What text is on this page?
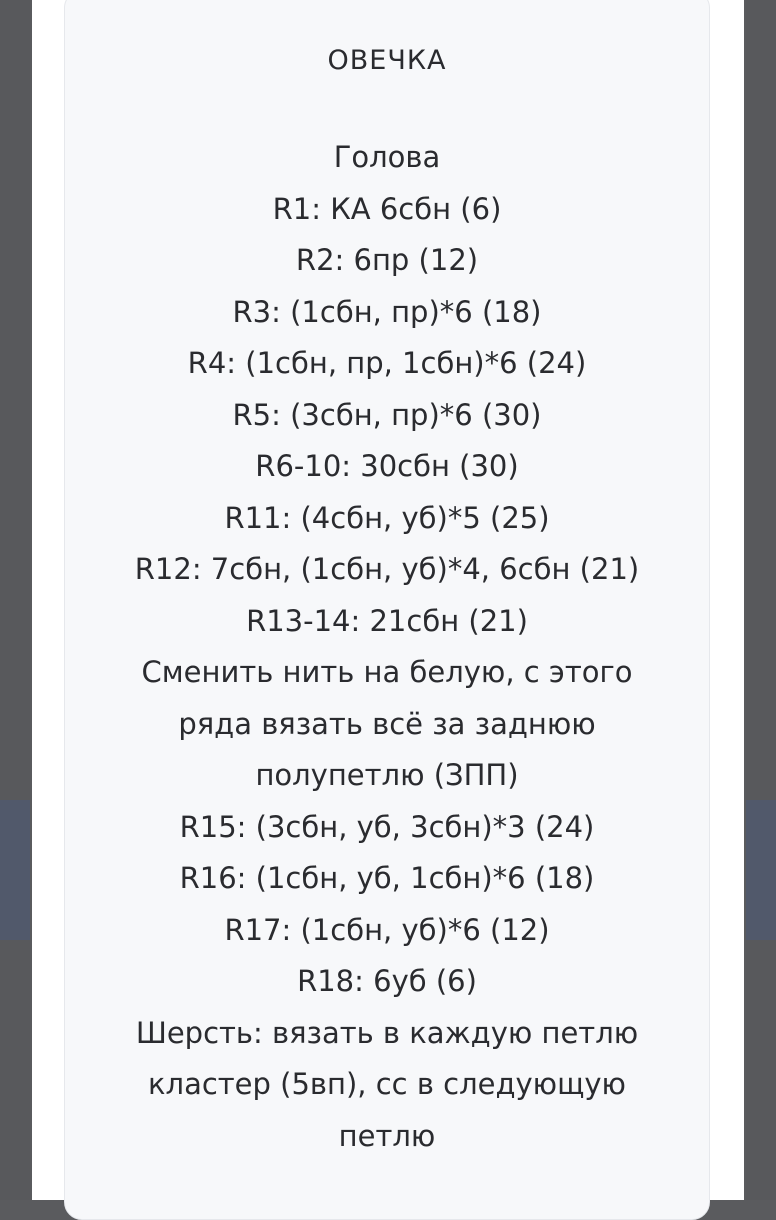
ОВЕЧКА
Голова
R1: КА 6сбн (6)
R2: 6пр (12)
R3: (1сбн, пр)*6 (18)
R4: (1сбн, пр, 1сбн)*6 (24)
R5: (3сбн, пр)*6 (30)
R6-10: 30сбн (30)
R11: (4сбн, уб)*5 (25)
R12: 7сбн, (1сбн, уб)*4, 6сбн (21)
R13-14: 21сбн (21)
Сменить нить на белую, с этого
ряда вязать всё за заднюю
полупетлю (ЗПП)
R15: (3сбн, уб, 3сбн)*3 (24)
R16: (1сбн, уб, 1сбн)*6 (18)
R17: (1сбн, уб)*6 (12)
R18: 6уб (6)
Шерсть: вязать в каждую петлю
кластер (5вп), сс в следующую
петлю
